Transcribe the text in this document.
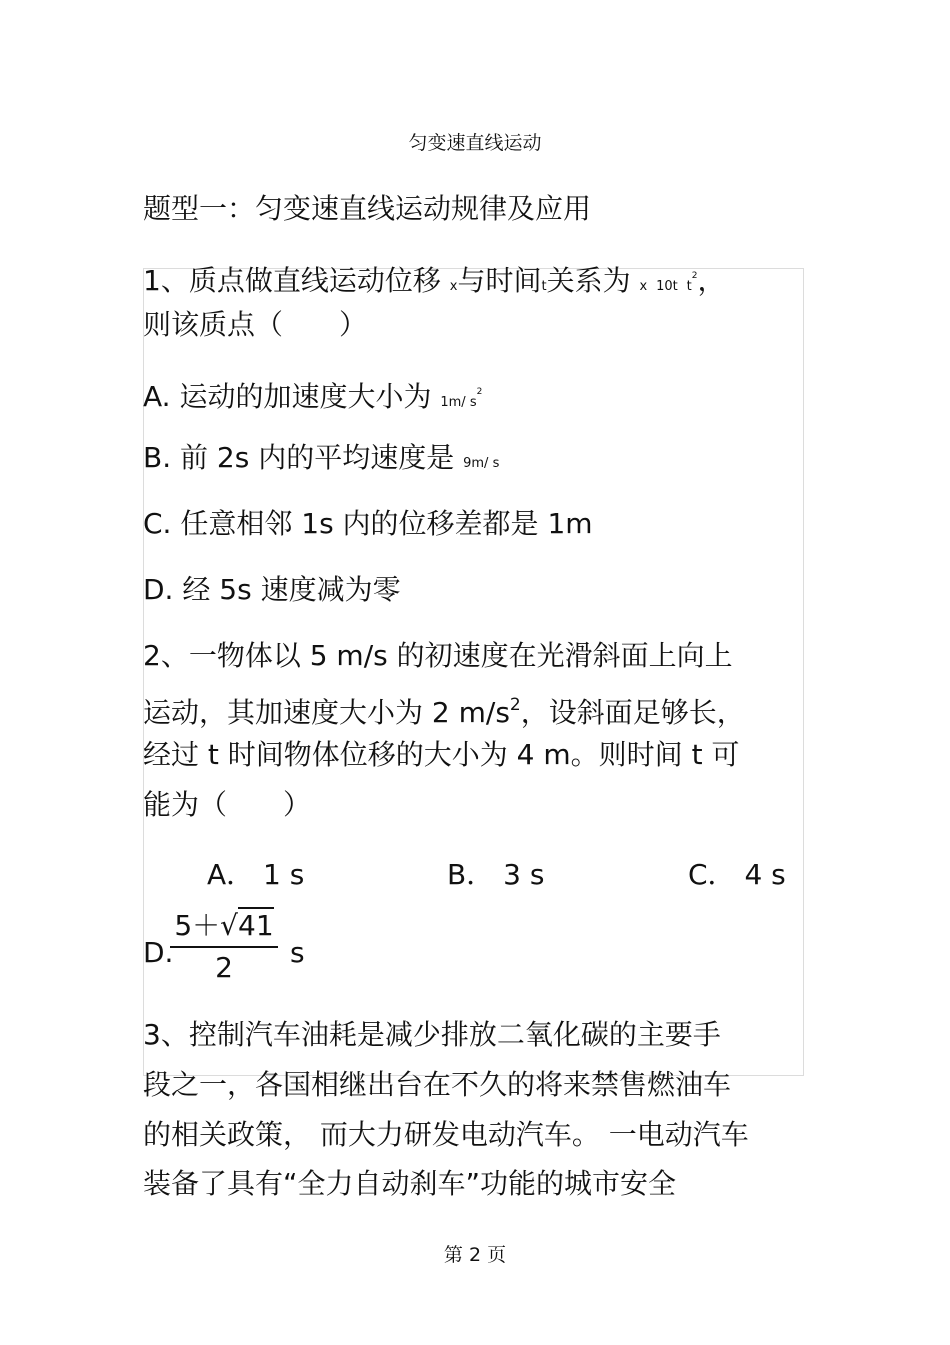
匀变速直线运动
题型一：匀变速直线运动规律及应用
1、质点做直线运动位移 x与时间t关系为 x 10t $t^2$，
则该质点（　　）
A. 运动的加速度大小为 1m/ $s^2$
B. 前 2s 内的平均速度是 9m/ s
C. 任意相邻 1s 内的位移差都是 1m
D. 经 5s 速度减为零
2、一物体以 5 m/s 的初速度在光滑斜面上向上
运动，其加速度大小为 2 $m/s^2$，设斜面足够长，
经过 t 时间物体位移的大小为 4 m。则时间 t 可
能为（　　）
A． 1 s	B． 3 s	C． 4 s
D.
$\frac{5+√41}{2}$ s
3、控制汽车油耗是减少排放二氧化碳的主要手
段之一，各国相继出台在不久的将来禁售燃油车
的相关政策， 而大力研发电动汽车。 一电动汽车
装备了具有“全力自动刹车”功能的城市安全
第 2 页
